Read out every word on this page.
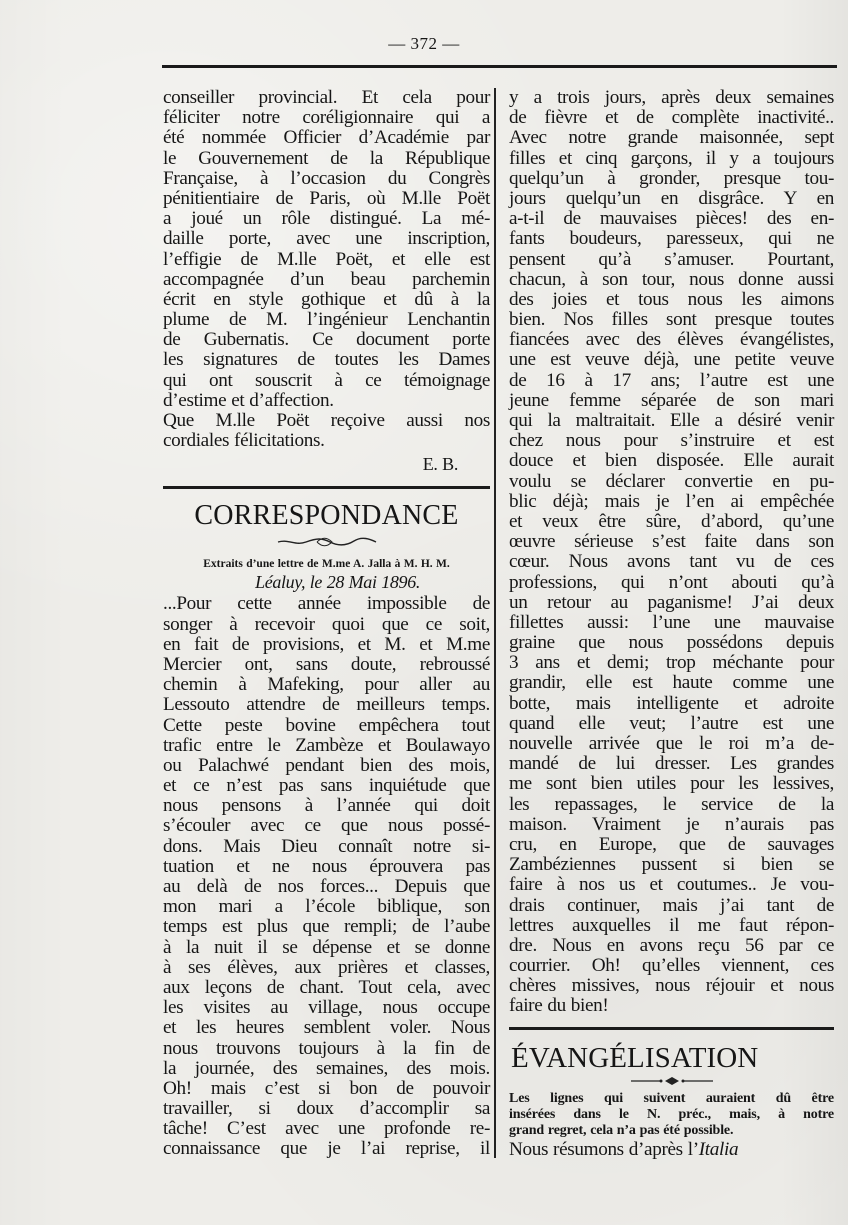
— 372 —
conseiller provincial. Et cela pour
féliciter notre coréligionnaire qui a
été nommée Officier d’Académie par
le Gouvernement de la République
Française, à l’occasion du Congrès
pénitientiaire de Paris, où M.lle Poët
a joué un rôle distingué. La mé-
daille porte, avec une inscription,
l’effigie de M.lle Poët, et elle est
accompagnée d’un beau parchemin
écrit en style gothique et dû à la
plume de M. l’ingénieur Lenchantin
de Gubernatis. Ce document porte
les signatures de toutes les Dames
qui ont souscrit à ce témoignage
d’estime et d’affection.
Que M.lle Poët reçoive aussi nos
cordiales félicitations.
E. B.
CORRESPONDANCE
Extraits d’une lettre de M.me A. Jalla à M. H. M.
Léaluy, le 28 Mai 1896.
...Pour cette année impossible de
songer à recevoir quoi que ce soit,
en fait de provisions, et M. et M.me
Mercier ont, sans doute, rebroussé
chemin à Mafeking, pour aller au
Lessouto attendre de meilleurs temps.
Cette peste bovine empêchera tout
trafic entre le Zambèze et Boulawayo
ou Palachwé pendant bien des mois,
et ce n’est pas sans inquiétude que
nous pensons à l’année qui doit
s’écouler avec ce que nous possé-
dons. Mais Dieu connaît notre si-
tuation et ne nous éprouvera pas
au delà de nos forces... Depuis que
mon mari a l’école biblique, son
temps est plus que rempli; de l’aube
à la nuit il se dépense et se donne
à ses élèves, aux prières et classes,
aux leçons de chant. Tout cela, avec
les visites au village, nous occupe
et les heures semblent voler. Nous
nous trouvons toujours à la fin de
la journée, des semaines, des mois.
Oh! mais c’est si bon de pouvoir
travailler, si doux d’accomplir sa
tâche! C’est avec une profonde re-
connaissance que je l’ai reprise, il
y a trois jours, après deux semaines
de fièvre et de complète inactivité..
Avec notre grande maisonnée, sept
filles et cinq garçons, il y a toujours
quelqu’un à gronder, presque tou-
jours quelqu’un en disgrâce. Y en
a-t-il de mauvaises pièces! des en-
fants boudeurs, paresseux, qui ne
pensent qu’à s’amuser. Pourtant,
chacun, à son tour, nous donne aussi
des joies et tous nous les aimons
bien. Nos filles sont presque toutes
fiancées avec des élèves évangélistes,
une est veuve déjà, une petite veuve
de 16 à 17 ans; l’autre est une
jeune femme séparée de son mari
qui la maltraitait. Elle a désiré venir
chez nous pour s’instruire et est
douce et bien disposée. Elle aurait
voulu se déclarer convertie en pu-
blic déjà; mais je l’en ai empêchée
et veux être sûre, d’abord, qu’une
œuvre sérieuse s’est faite dans son
cœur. Nous avons tant vu de ces
professions, qui n’ont abouti qu’à
un retour au paganisme! J’ai deux
fillettes aussi: l’une une mauvaise
graine que nous possédons depuis
3 ans et demi; trop méchante pour
grandir, elle est haute comme une
botte, mais intelligente et adroite
quand elle veut; l’autre est une
nouvelle arrivée que le roi m’a de-
mandé de lui dresser. Les grandes
me sont bien utiles pour les lessives,
les repassages, le service de la
maison. Vraiment je n’aurais pas
cru, en Europe, que de sauvages
Zambéziennes pussent si bien se
faire à nos us et coutumes.. Je vou-
drais continuer, mais j’ai tant de
lettres auxquelles il me faut répon-
dre. Nous en avons reçu 56 par ce
courrier. Oh! qu’elles viennent, ces
chères missives, nous réjouir et nous
faire du bien!
ÉVANGÉLISATION
Les lignes qui suivent auraient dû être
insérées dans le N. préc., mais, à notre
grand regret, cela n’a pas été possible.
Nous résumons d’après l’Italia
